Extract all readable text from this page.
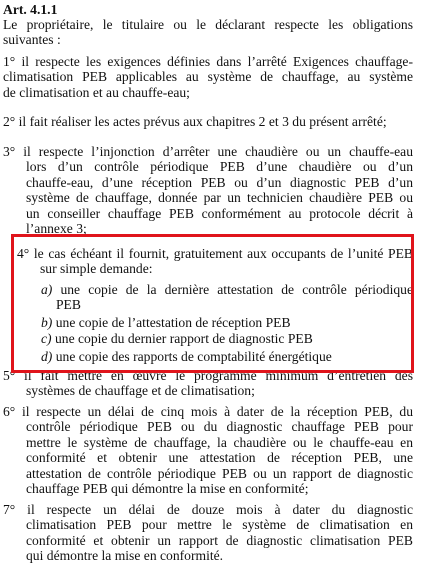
Art. 4.1.1
Le propriétaire, le titulaire ou le déclarant respecte les obligations
suivantes :
1° il respecte les exigences définies dans l’arrêté Exigences chauffage-
climatisation PEB applicables au système de chauffage, au système
de climatisation et au chauffe-eau;
2° il fait réaliser les actes prévus aux chapitres 2 et 3 du présent arrêté;
3° il respecte l’injonction d’arrêter une chaudière ou un chauffe-eau
lors d’un contrôle périodique PEB d’une chaudière ou d’un
chauffe-eau, d’une réception PEB ou d’un diagnostic PEB d’un
système de chauffage, donnée par un technicien chaudière PEB ou
un conseiller chauffage PEB conformément au protocole décrit à
l’annexe 3;
4° le cas échéant il fournit, gratuitement aux occupants de l’unité PEB
sur simple demande:
a) une copie de la dernière attestation de contrôle périodique
PEB
b) une copie de l’attestation de réception PEB
c) une copie du dernier rapport de diagnostic PEB
d) une copie des rapports de comptabilité énergétique
5° il fait mettre en œuvre le programme minimum d’entretien des
systèmes de chauffage et de climatisation;
6° il respecte un délai de cinq mois à dater de la réception PEB, du
contrôle périodique PEB ou du diagnostic chauffage PEB pour
mettre le système de chauffage, la chaudière ou le chauffe-eau en
conformité et obtenir une attestation de réception PEB, une
attestation de contrôle périodique PEB ou un rapport de diagnostic
chauffage PEB qui démontre la mise en conformité;
7° il respecte un délai de douze mois à dater du diagnostic
climatisation PEB pour mettre le système de climatisation en
conformité et obtenir un rapport de diagnostic climatisation PEB
qui démontre la mise en conformité.
